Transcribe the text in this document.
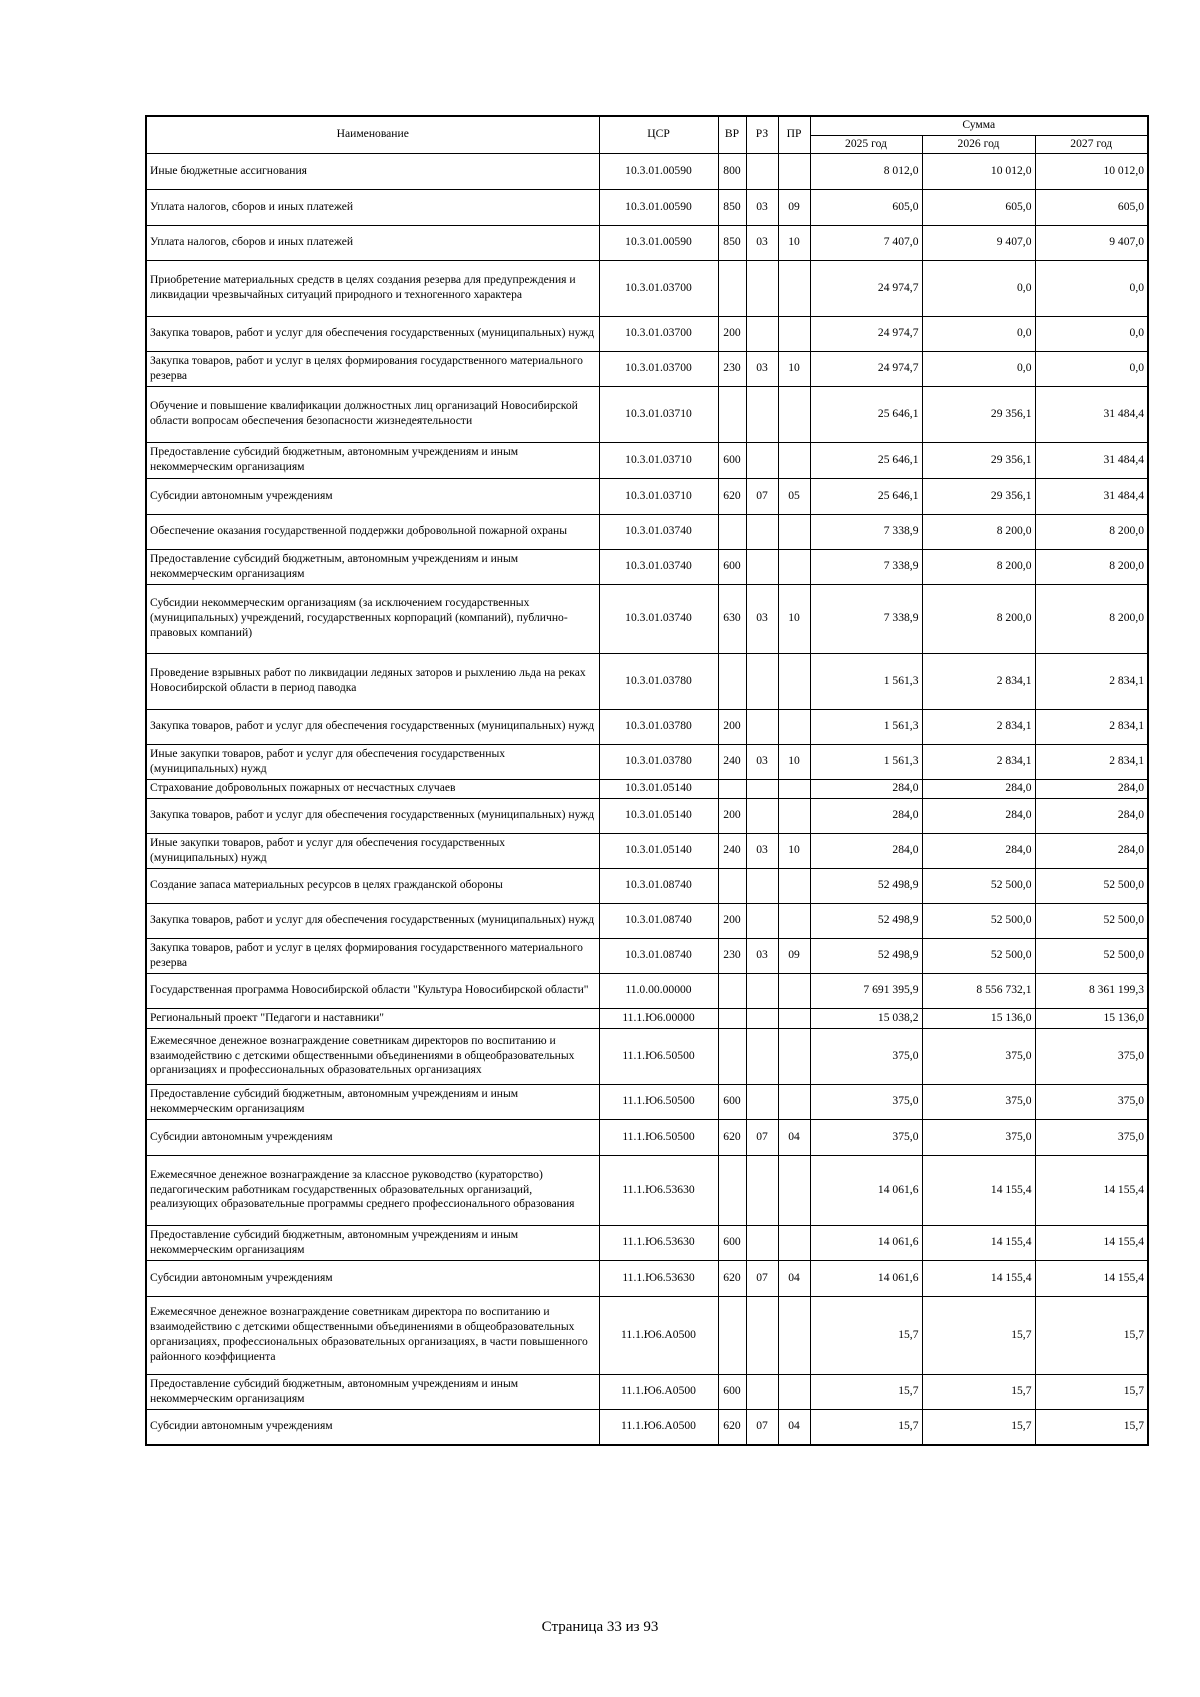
Наименование	ЦСР	ВР	РЗ	ПР	Сумма		
					2025 год	2026 год	2027 год
Иные бюджетные ассигнования	10.3.01.00590	800			8 012,0	10 012,0	10 012,0
Уплата налогов, сборов и иных платежей	10.3.01.00590	850	03	09	605,0	605,0	605,0
Уплата налогов, сборов и иных платежей	10.3.01.00590	850	03	10	7 407,0	9 407,0	9 407,0
Приобретение материальных средств в целях создания резерва для предупреждения и ликвидации чрезвычайных ситуаций природного и техногенного характера	10.3.01.03700				24 974,7	0,0	0,0
Закупка товаров, работ и услуг для обеспечения государственных (муниципальных) нужд	10.3.01.03700	200			24 974,7	0,0	0,0
Закупка товаров, работ и услуг в целях формирования государственного материального резерва	10.3.01.03700	230	03	10	24 974,7	0,0	0,0
Обучение и повышение квалификации должностных лиц организаций Новосибирской области вопросам обеспечения безопасности жизнедеятельности	10.3.01.03710				25 646,1	29 356,1	31 484,4
Предоставление субсидий бюджетным, автономным учреждениям и иным некоммерческим организациям	10.3.01.03710	600			25 646,1	29 356,1	31 484,4
Субсидии автономным учреждениям	10.3.01.03710	620	07	05	25 646,1	29 356,1	31 484,4
Обеспечение оказания государственной поддержки добровольной пожарной охраны	10.3.01.03740				7 338,9	8 200,0	8 200,0
Предоставление субсидий бюджетным, автономным учреждениям и иным некоммерческим организациям	10.3.01.03740	600			7 338,9	8 200,0	8 200,0
Субсидии некоммерческим организациям (за исключением государственных (муниципальных) учреждений, государственных корпораций (компаний), публично-правовых компаний)	10.3.01.03740	630	03	10	7 338,9	8 200,0	8 200,0
Проведение взрывных работ по ликвидации ледяных заторов и рыхлению льда на реках Новосибирской области в период паводка	10.3.01.03780				1 561,3	2 834,1	2 834,1
Закупка товаров, работ и услуг для обеспечения государственных (муниципальных) нужд	10.3.01.03780	200			1 561,3	2 834,1	2 834,1
Иные закупки товаров, работ и услуг для обеспечения государственных (муниципальных) нужд	10.3.01.03780	240	03	10	1 561,3	2 834,1	2 834,1
Страхование добровольных пожарных от несчастных случаев	10.3.01.05140				284,0	284,0	284,0
Закупка товаров, работ и услуг для обеспечения государственных (муниципальных) нужд	10.3.01.05140	200			284,0	284,0	284,0
Иные закупки товаров, работ и услуг для обеспечения государственных (муниципальных) нужд	10.3.01.05140	240	03	10	284,0	284,0	284,0
Создание запаса материальных ресурсов в целях гражданской обороны	10.3.01.08740				52 498,9	52 500,0	52 500,0
Закупка товаров, работ и услуг для обеспечения государственных (муниципальных) нужд	10.3.01.08740	200			52 498,9	52 500,0	52 500,0
Закупка товаров, работ и услуг в целях формирования государственного материального резерва	10.3.01.08740	230	03	09	52 498,9	52 500,0	52 500,0
Государственная программа Новосибирской области "Культура Новосибирской области"	11.0.00.00000				7 691 395,9	8 556 732,1	8 361 199,3
Региональный проект "Педагоги и наставники"	11.1.Ю6.00000				15 038,2	15 136,0	15 136,0
Ежемесячное денежное вознаграждение советникам директоров по воспитанию и взаимодействию с детскими общественными объединениями в общеобразовательных организациях и профессиональных образовательных организациях	11.1.Ю6.50500				375,0	375,0	375,0
Предоставление субсидий бюджетным, автономным учреждениям и иным некоммерческим организациям	11.1.Ю6.50500	600			375,0	375,0	375,0
Субсидии автономным учреждениям	11.1.Ю6.50500	620	07	04	375,0	375,0	375,0
Ежемесячное денежное вознаграждение за классное руководство (кураторство) педагогическим работникам государственных образовательных организаций, реализующих образовательные программы среднего профессионального образования	11.1.Ю6.53630				14 061,6	14 155,4	14 155,4
Предоставление субсидий бюджетным, автономным учреждениям и иным некоммерческим организациям	11.1.Ю6.53630	600			14 061,6	14 155,4	14 155,4
Субсидии автономным учреждениям	11.1.Ю6.53630	620	07	04	14 061,6	14 155,4	14 155,4
Ежемесячное денежное вознаграждение советникам директора по воспитанию и взаимодействию с детскими общественными объединениями в общеобразовательных организациях, профессиональных образовательных организациях, в части повышенного районного коэффициента	11.1.Ю6.А0500				15,7	15,7	15,7
Предоставление субсидий бюджетным, автономным учреждениям и иным некоммерческим организациям	11.1.Ю6.А0500	600			15,7	15,7	15,7
Субсидии автономным учреждениям	11.1.Ю6.А0500	620	07	04	15,7	15,7	15,7
Страница 33 из 93
